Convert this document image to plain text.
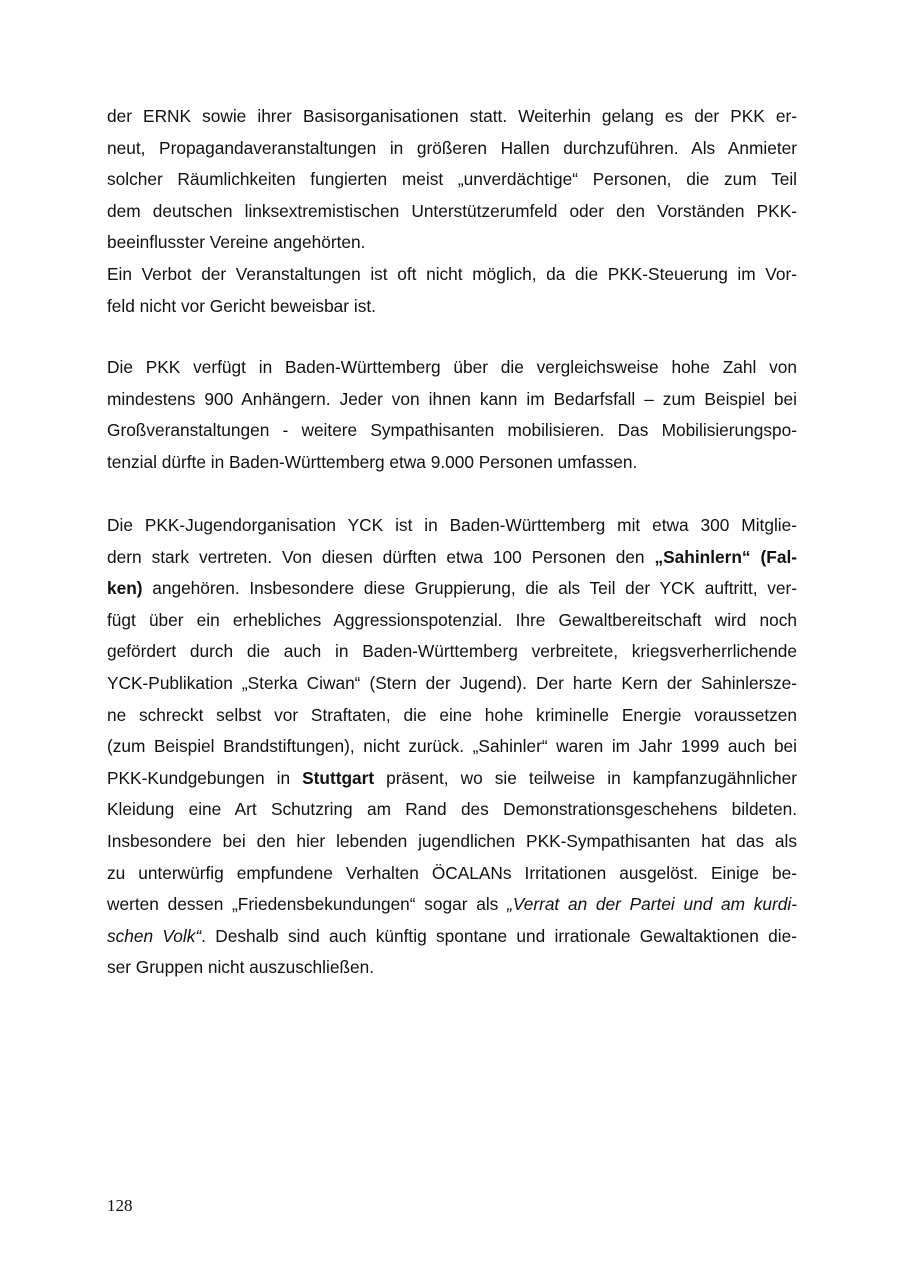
der ERNK sowie ihrer Basisorganisationen statt. Weiterhin gelang es der PKK er-
neut, Propagandaveranstaltungen in größeren Hallen durchzuführen. Als Anmieter
solcher Räumlichkeiten fungierten meist „unverdächtige“ Personen, die zum Teil
dem deutschen linksextremistischen Unterstützerumfeld oder den Vorständen PKK-
beeinflusster Vereine angehörten.
Ein Verbot der Veranstaltungen ist oft nicht möglich, da die PKK-Steuerung im Vor-
feld nicht vor Gericht beweisbar ist.
Die PKK verfügt in Baden-Württemberg über die vergleichsweise hohe Zahl von
mindestens 900 Anhängern. Jeder von ihnen kann im Bedarfsfall – zum Beispiel bei
Großveranstaltungen - weitere Sympathisanten mobilisieren. Das Mobilisierungspo-
tenzial dürfte in Baden-Württemberg etwa 9.000 Personen umfassen.
Die PKK-Jugendorganisation YCK ist in Baden-Württemberg mit etwa 300 Mitglie-
dern stark vertreten. Von diesen dürften etwa 100 Personen den „Sahinlern“ (Fal-
ken) angehören. Insbesondere diese Gruppierung, die als Teil der YCK auftritt, ver-
fügt über ein erhebliches Aggressionspotenzial. Ihre Gewaltbereitschaft wird noch
gefördert durch die auch in Baden-Württemberg verbreitete, kriegsverherrlichende
YCK-Publikation „Sterka Ciwan“ (Stern der Jugend). Der harte Kern der Sahinlersze-
ne schreckt selbst vor Straftaten, die eine hohe kriminelle Energie voraussetzen
(zum Beispiel Brandstiftungen), nicht zurück. „Sahinler“ waren im Jahr 1999 auch bei
PKK-Kundgebungen in Stuttgart präsent, wo sie teilweise in kampfanzugähnlicher
Kleidung eine Art Schutzring am Rand des Demonstrationsgeschehens bildeten.
Insbesondere bei den hier lebenden jugendlichen PKK-Sympathisanten hat das als
zu unterwürfig empfundene Verhalten ÖCALANs Irritationen ausgelöst. Einige be-
werten dessen „Friedensbekundungen“ sogar als „Verrat an der Partei und am kurdi-
schen Volk“. Deshalb sind auch künftig spontane und irrationale Gewaltaktionen die-
ser Gruppen nicht auszuschließen.
128
